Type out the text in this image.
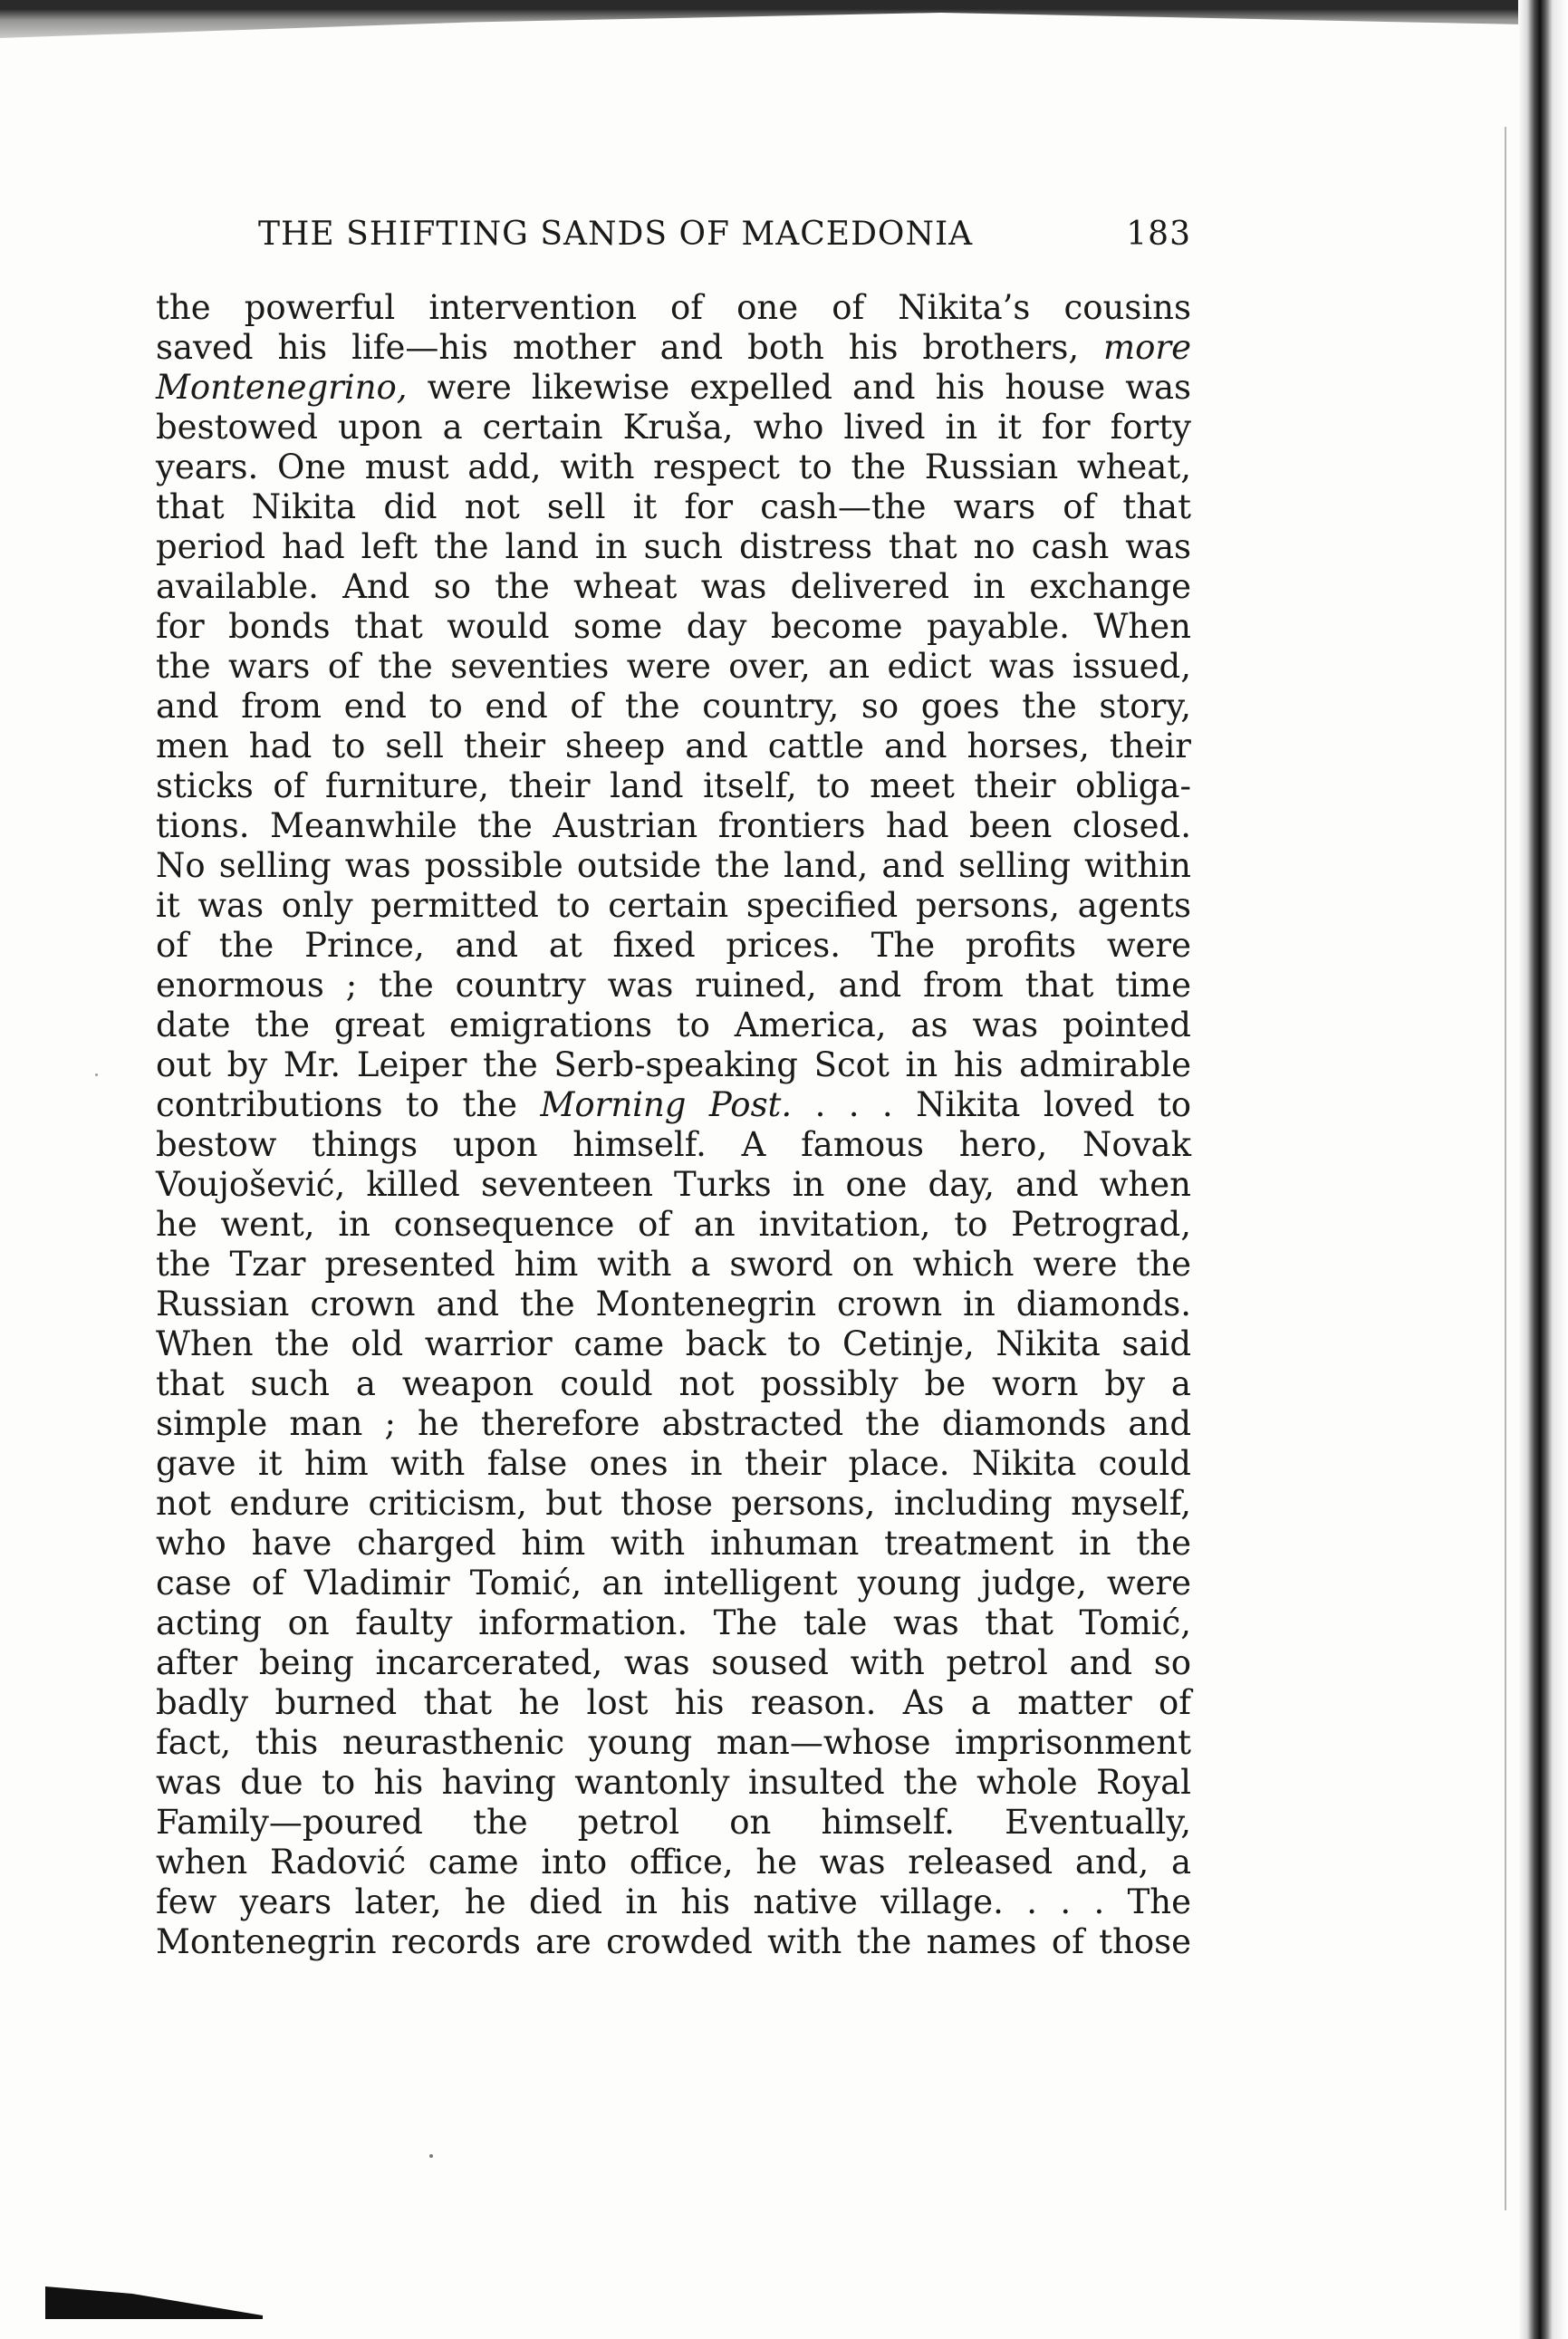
THE SHIFTING SANDS OF MACEDONIA	183
the powerful intervention of one of Nikita’s cousins
saved his life—his mother and both his brothers, more
Montenegrino, were likewise expelled and his house was
bestowed upon a certain Kruša, who lived in it for forty
years. One must add, with respect to the Russian wheat,
that Nikita did not sell it for cash—the wars of that
period had left the land in such distress that no cash was
available. And so the wheat was delivered in exchange
for bonds that would some day become payable. When
the wars of the seventies were over, an edict was issued,
and from end to end of the country, so goes the story,
men had to sell their sheep and cattle and horses, their
sticks of furniture, their land itself, to meet their obliga-
tions. Meanwhile the Austrian frontiers had been closed.
No selling was possible outside the land, and selling within
it was only permitted to certain specified persons, agents
of the Prince, and at fixed prices. The profits were
enormous ; the country was ruined, and from that time
date the great emigrations to America, as was pointed
out by Mr. Leiper the Serb-speaking Scot in his admirable
contributions to the Morning Post. . . . Nikita loved to
bestow things upon himself. A famous hero, Novak
Voujošević, killed seventeen Turks in one day, and when
he went, in consequence of an invitation, to Petrograd,
the Tzar presented him with a sword on which were the
Russian crown and the Montenegrin crown in diamonds.
When the old warrior came back to Cetinje, Nikita said
that such a weapon could not possibly be worn by a
simple man ; he therefore abstracted the diamonds and
gave it him with false ones in their place. Nikita could
not endure criticism, but those persons, including myself,
who have charged him with inhuman treatment in the
case of Vladimir Tomić, an intelligent young judge, were
acting on faulty information. The tale was that Tomić,
after being incarcerated, was soused with petrol and so
badly burned that he lost his reason. As a matter of
fact, this neurasthenic young man—whose imprisonment
was due to his having wantonly insulted the whole Royal
Family—poured the petrol on himself. Eventually,
when Radović came into office, he was released and, a
few years later, he died in his native village. . . . The
Montenegrin records are crowded with the names of those
